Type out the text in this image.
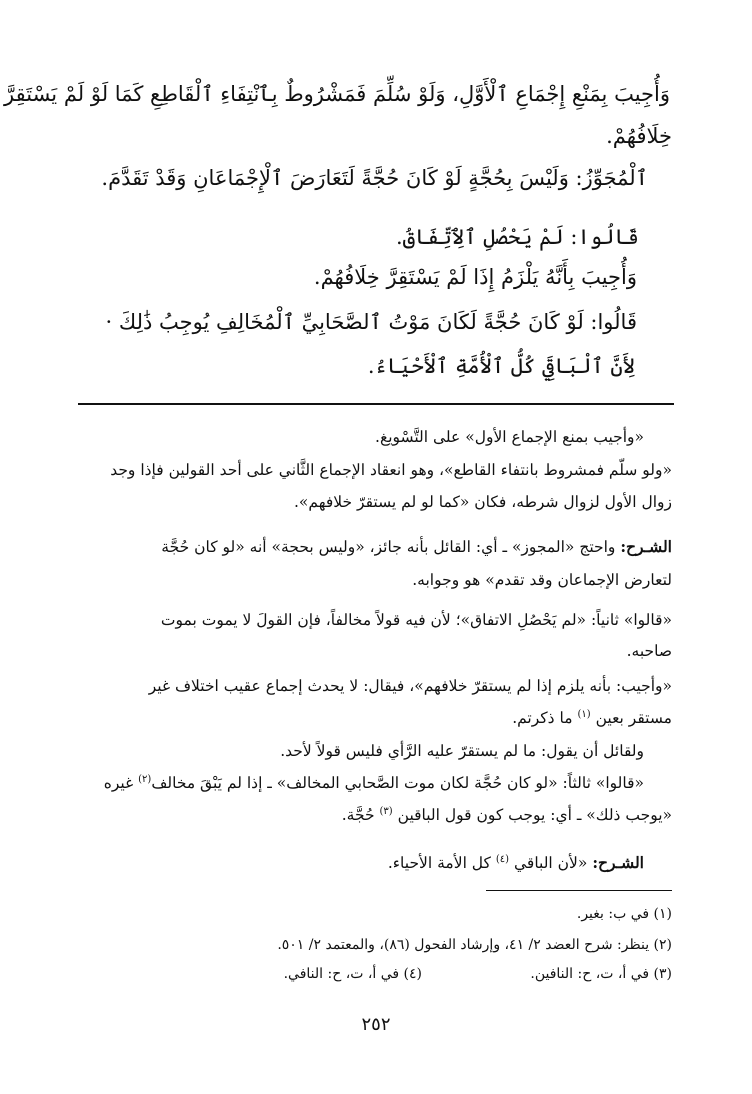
وَأُجِيبَ بِمَنْعِ إِجْمَاعِ ٱلْأَوَّلِ، وَلَوْ سُلِّمَ فَمَشْرُوطٌ بِٱنْتِفَاءِ ٱلْقَاطِعِ كَمَا لَوْ لَمْ يَسْتَقِرَّ
خِلَافُهُمْ.
ٱلْمُجَوِّزُ: وَلَيْسَ بِحُجَّةٍ لَوْ كَانَ حُجَّةً لَتَعَارَضَ ٱلْإِجْمَاعَانِ وَقَدْ تَقَدَّمَ.
قَالُوا: لَمْ يَحْصُلِ ٱلِٱتِّفَاقُ.
وَأُجِيبَ بِأَنَّهُ يَلْزَمُ إِذَا لَمْ يَسْتَقِرَّ خِلَافُهُمْ.
قَالُوا: لَوْ كَانَ حُجَّةً لَكَانَ مَوْتُ ٱلصَّحَابِيِّ ٱلْمُخَالِفِ يُوجِبُ ذَٰلِكَ ·
لِأَنَّ ٱلْبَاقِيَ كُلُّ ٱلْأُمَّةِ ٱلْأَحْيَاءُ.
«وأجيب بمنع الإجماع الأول» على التَّسْويغ.
«ولو سلّم فمشروط بانتفاء القاطع»، وهو انعقاد الإجماع الثَّاني على أحد القولين فإذا وجد
زوال الأول لزوال شرطه، فكان «كما لو لم يستقرّ خلافهم».
الشـرح: واحتج «المجوز» ـ أي: القائل بأنه جائز، «وليس بحجة» أنه «لو كان حُجَّة
لتعارض الإجماعان وقد تقدم» هو وجوابه.
«قالوا» ثانياً: «لم يَحْصُلِ الاتفاق»؛ لأن فيه قولاً مخالفاً، فإن القولَ لا يموت بموت
صاحبه.
«وأجيب: بأنه يلزم إذا لم يستقرّ خلافهم»، فيقال: لا يحدث إجماع عقيب اختلاف غير
مستقر بعين $^{(١)}$ ما ذكرتم.
ولقائل أن يقول: ما لم يستقرّ عليه الرَّأي فليس قولاً لأحد.
«قالوا» ثالثاً: «لو كان حُجَّة لكان موت الصَّحابي المخالف» ـ إذا لم يَبْقَ مخالف$^{(٢)}$ غيره
«يوجب ذلك» ـ أي: يوجب كون قول الباقين $^{(٣)}$ حُجَّة.
الشـرح: «لأن الباقي $^{(٤)}$ كل الأمة الأحياء.
(١) في ب: بغير.
(٢) ينظر: شرح العضد ٢/ ٤١، وإرشاد الفحول (٨٦)، والمعتمد ٢/ ٥٠١.
(٣) في أ، ت، ح: النافين.
(٤) في أ، ت، ح: النافي.
٢٥٢
